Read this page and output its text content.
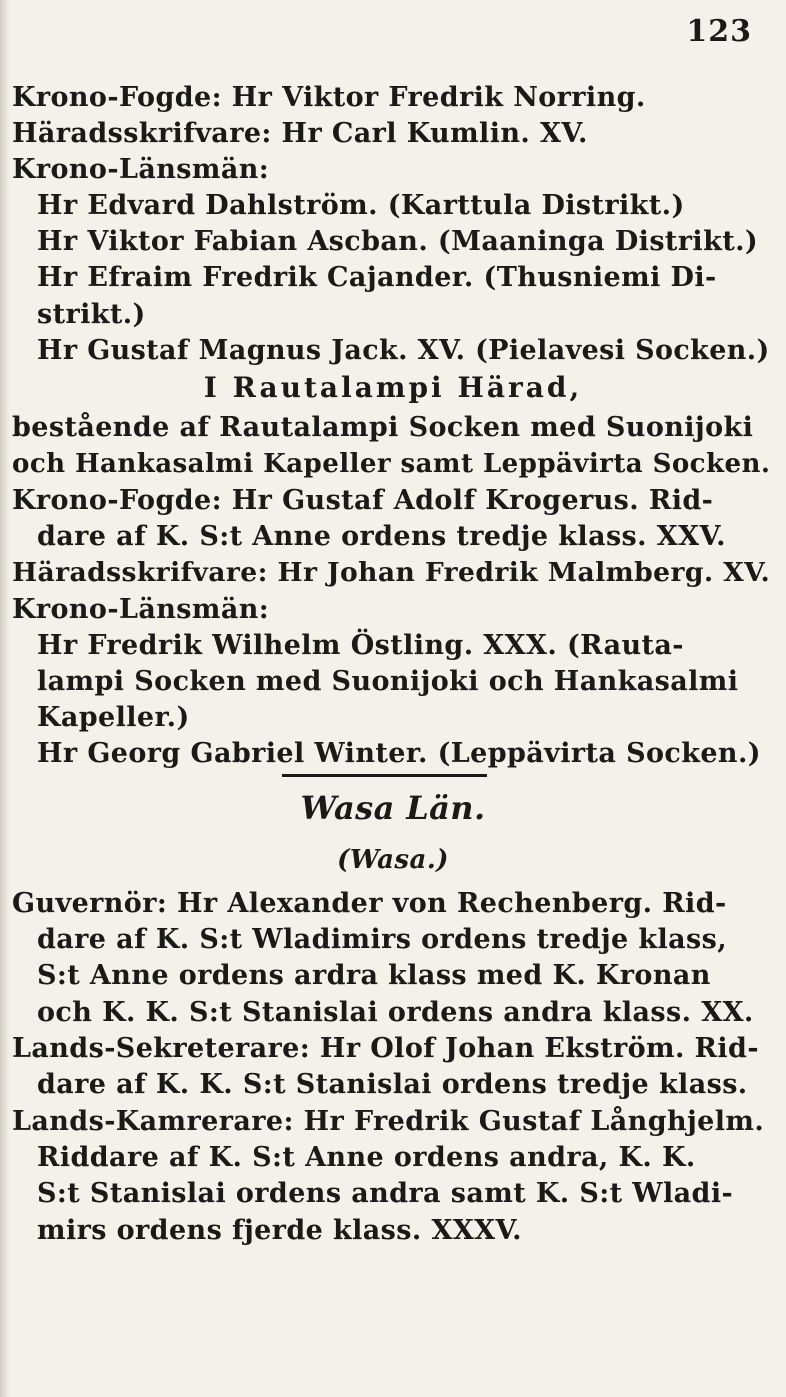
123
Krono-Fogde: Hr Viktor Fredrik Norring.
Häradsskrifvare: Hr Carl Kumlin. XV.
Krono-Länsmän:
Hr Edvard Dahlström. (Karttula Distrikt.)
Hr Viktor Fabian Ascban. (Maaninga Distrikt.)
Hr Efraim Fredrik Cajander. (Thusniemi Di-
strikt.)
Hr Gustaf Magnus Jack. XV. (Pielavesi Socken.)
I Rautalampi Härad,
bestående af Rautalampi Socken med Suonijoki
och Hankasalmi Kapeller samt Leppävirta Socken.
Krono-Fogde: Hr Gustaf Adolf Krogerus. Rid-
dare af K. S:t Anne ordens tredje klass. XXV.
Häradsskrifvare: Hr Johan Fredrik Malmberg. XV.
Krono-Länsmän:
Hr Fredrik Wilhelm Östling. XXX. (Rauta-
lampi Socken med Suonijoki och Hankasalmi
Kapeller.)
Hr Georg Gabriel Winter. (Leppävirta Socken.)
Wasa Län.
(Wasa.)
Guvernör: Hr Alexander von Rechenberg. Rid-
dare af K. S:t Wladimirs ordens tredje klass,
S:t Anne ordens ardra klass med K. Kronan
och K. K. S:t Stanislai ordens andra klass. XX.
Lands-Sekreterare: Hr Olof Johan Ekström. Rid-
dare af K. K. S:t Stanislai ordens tredje klass.
Lands-Kamrerare: Hr Fredrik Gustaf Långhjelm.
Riddare af K. S:t Anne ordens andra, K. K.
S:t Stanislai ordens andra samt K. S:t Wladi-
mirs ordens fjerde klass. XXXV.
